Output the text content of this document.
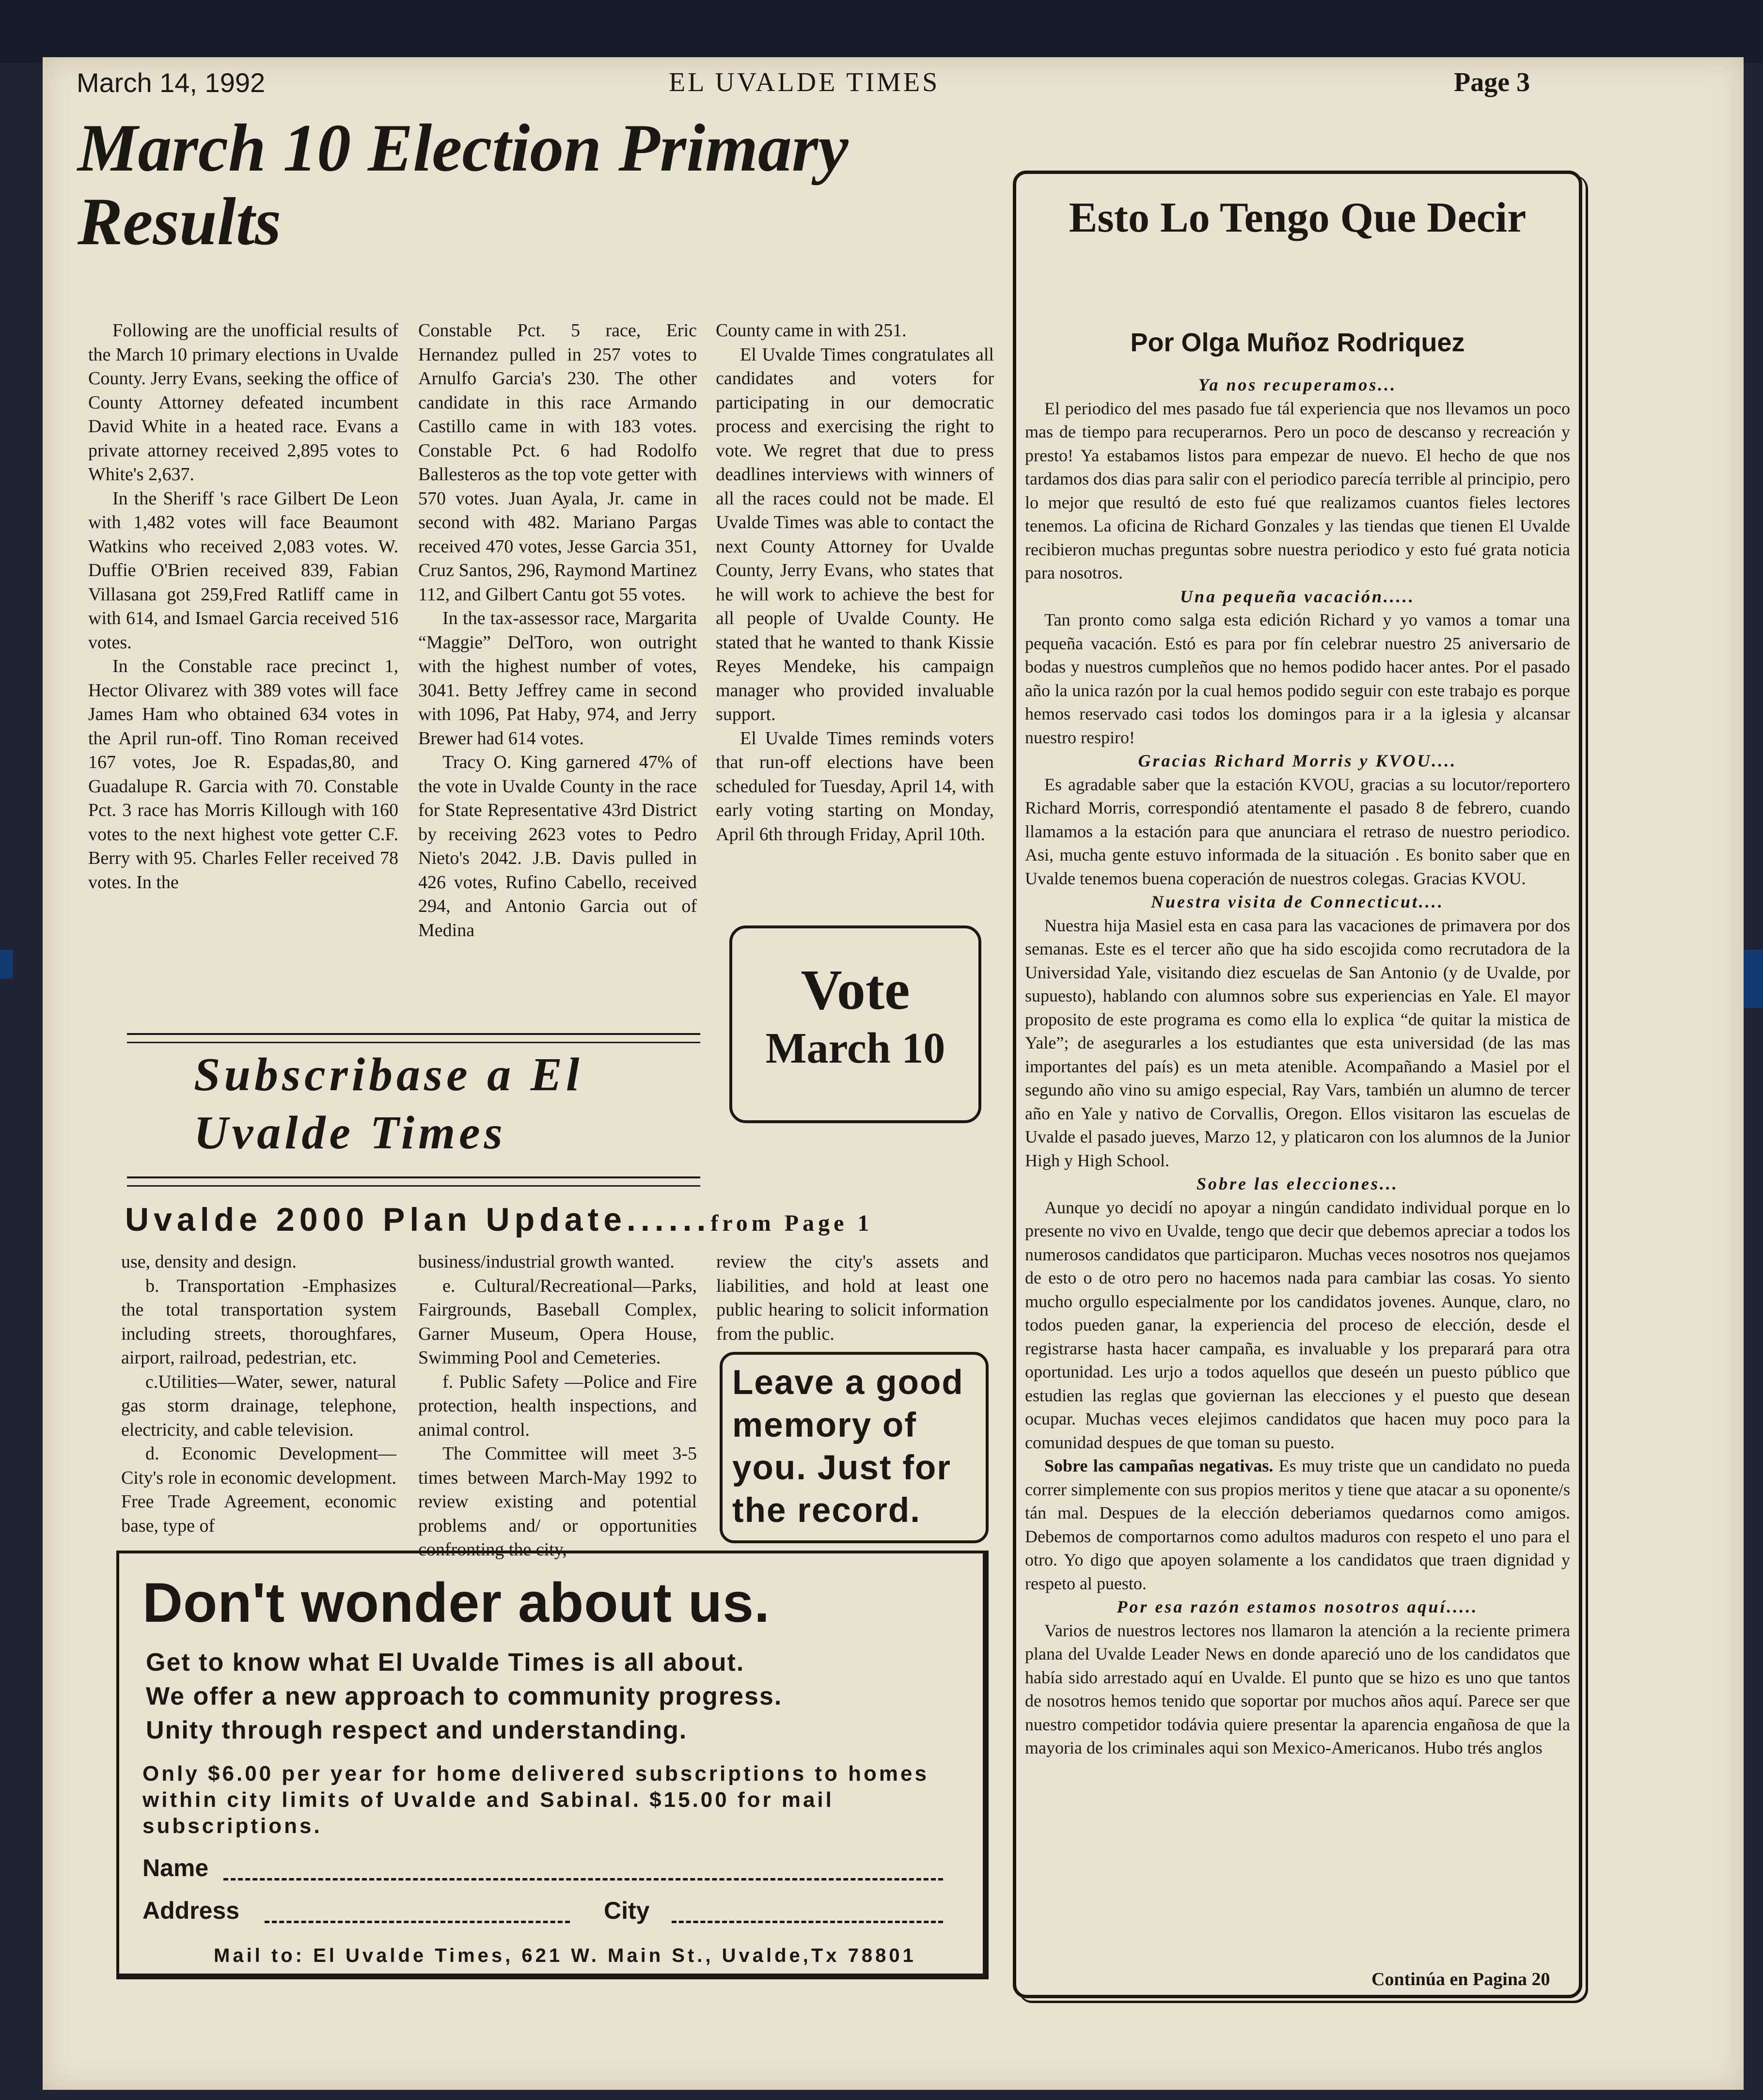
March 14, 1992	EL UVALDE TIMES	Page 3
March 10 Election Primary Results

Following are the unofficial results of the March 10 primary elections in Uvalde County. Jerry Evans, seeking the office of County Attorney defeated incumbent David White in a heated race. Evans a private attorney received 2,895 votes to White's 2,637.

In the Sheriff 's race Gilbert De Leon with 1,482 votes will face Beaumont Watkins who received 2,083 votes. W. Duffie O'Brien received 839, Fabian Villasana got 259,Fred Ratliff came in with 614, and Ismael Garcia received 516 votes.

In the Constable race precinct 1, Hector Olivarez with 389 votes will face James Ham who obtained 634 votes in the April run-off. Tino Roman received 167 votes, Joe R. Espadas,80, and Guadalupe R. Garcia with 70. Constable Pct. 3 race has Morris Killough with 160 votes to the next highest vote getter C.F. Berry with 95. Charles Feller received 78 votes. In the

Constable Pct. 5 race, Eric Hernandez pulled in 257 votes to Arnulfo Garcia's 230. The other candidate in this race Armando Castillo came in with 183 votes. Constable Pct. 6 had Rodolfo Ballesteros as the top vote getter with 570 votes. Juan Ayala, Jr. came in second with 482. Mariano Pargas received 470 votes, Jesse Garcia 351, Cruz Santos, 296, Raymond Martinez 112, and Gilbert Cantu got 55 votes.

In the tax-assessor race, Margarita “Maggie” DelToro, won outright with the highest number of votes, 3041. Betty Jeffrey came in second with 1096, Pat Haby, 974, and Jerry Brewer had 614 votes.

Tracy O. King garnered 47% of the vote in Uvalde County in the race for State Representative 43rd District by receiving 2623 votes to Pedro Nieto's 2042. J.B. Davis pulled in 426 votes, Rufino Cabello, received 294, and Antonio Garcia out of Medina

County came in with 251.

El Uvalde Times congratulates all candidates and voters for participating in our democratic process and exercising the right to vote. We regret that due to press deadlines interviews with winners of all the races could not be made. El Uvalde Times was able to contact the next County Attorney for Uvalde County, Jerry Evans, who states that he will work to achieve the best for all people of Uvalde County. He stated that he wanted to thank Kissie Reyes Mendeke, his campaign manager who provided invaluable support.

El Uvalde Times reminds voters that run-off elections have been scheduled for Tuesday, April 14, with early voting starting on Monday, April 6th through Friday, April 10th.

Vote
March 10
Subscribase a El Uvalde Times
Uvalde 2000 Plan Update......from Page 1

use, density and design.

b. Transportation -Emphasizes the total transportation system including streets, thoroughfares, airport, railroad, pedestrian, etc.

c.Utilities—Water, sewer, natural gas storm drainage, telephone, electricity, and cable television.

d. Economic Development— City's role in economic development. Free Trade Agreement, economic base, type of

business/industrial growth wanted.

e. Cultural/Recreational—Parks, Fairgrounds, Baseball Complex, Garner Museum, Opera House, Swimming Pool and Cemeteries.

f. Public Safety —Police and Fire protection, health inspections, and animal control.

The Committee will meet 3-5 times between March-May 1992 to review existing and potential problems and/ or opportunities confronting the city,

review the city's assets and liabilities, and hold at least one public hearing to solicit information from the public.

Leave a good memory of you. Just for the record.
Don't wonder about us.
Get to know what El Uvalde Times is all about.
We offer a new approach to community progress.
Unity through respect and understanding.
Only $6.00 per year for home delivered subscriptions to homes within city limits of Uvalde and Sabinal. $15.00 for mail subscriptions.
Name
Address	City
Mail to: El Uvalde Times, 621 W. Main St., Uvalde,Tx 78801
Esto Lo Tengo Que Decir
Por Olga Muñoz Rodriquez

Ya nos recuperamos...

El periodico del mes pasado fue tál experiencia que nos llevamos un poco mas de tiempo para recuperarnos. Pero un poco de descanso y recreación y presto! Ya estabamos listos para empezar de nuevo. El hecho de que nos tardamos dos dias para salir con el periodico parecía terrible al principio, pero lo mejor que resultó de esto fué que realizamos cuantos fieles lectores tenemos. La oficina de Richard Gonzales y las tiendas que tienen El Uvalde recibieron muchas preguntas sobre nuestra periodico y esto fué grata noticia para nosotros.

Una pequeña vacación.....

Tan pronto como salga esta edición Richard y yo vamos a tomar una pequeña vacación. Estó es para por fín celebrar nuestro 25 aniversario de bodas y nuestros cumpleños que no hemos podido hacer antes. Por el pasado año la unica razón por la cual hemos podido seguir con este trabajo es porque hemos reservado casi todos los domingos para ir a la iglesia y alcansar nuestro respiro!

Gracias Richard Morris y KVOU....

Es agradable saber que la estación KVOU, gracias a su locutor/reportero Richard Morris, correspondió atentamente el pasado 8 de febrero, cuando llamamos a la estación para que anunciara el retraso de nuestro periodico. Asi, mucha gente estuvo informada de la situación . Es bonito saber que en Uvalde tenemos buena coperación de nuestros colegas. Gracias KVOU.

Nuestra visita de Connecticut....

Nuestra hija Masiel esta en casa para las vacaciones de primavera por dos semanas. Este es el tercer año que ha sido escojida como recrutadora de la Universidad Yale, visitando diez escuelas de San Antonio (y de Uvalde, por supuesto), hablando con alumnos sobre sus experiencias en Yale. El mayor proposito de este programa es como ella lo explica “de quitar la mistica de Yale”; de asegurarles a los estudiantes que esta universidad (de las mas importantes del país) es un meta atenible. Acompañando a Masiel por el segundo año vino su amigo especial, Ray Vars, también un alumno de tercer año en Yale y nativo de Corvallis, Oregon. Ellos visitaron las escuelas de Uvalde el pasado jueves, Marzo 12, y platicaron con los alumnos de la Junior High y High School.

Sobre las elecciones...

Aunque yo decidí no apoyar a ningún candidato individual porque en lo presente no vivo en Uvalde, tengo que decir que debemos apreciar a todos los numerosos candidatos que participaron. Muchas veces nosotros nos quejamos de esto o de otro pero no hacemos nada para cambiar las cosas. Yo siento mucho orgullo especialmente por los candidatos jovenes. Aunque, claro, no todos pueden ganar, la experiencia del proceso de elección, desde el registrarse hasta hacer campaña, es invaluable y los preparará para otra oportunidad. Les urjo a todos aquellos que deseén un puesto público que estudien las reglas que goviernan las elecciones y el puesto que desean ocupar. Muchas veces elejimos candidatos que hacen muy poco para la comunidad despues de que toman su puesto.

Sobre las campañas negativas. Es muy triste que un candidato no pueda correr simplemente con sus propios meritos y tiene que atacar a su oponente/s tán mal. Despues de la elección deberiamos quedarnos como amigos. Debemos de comportarnos como adultos maduros con respeto el uno para el otro. Yo digo que apoyen solamente a los candidatos que traen dignidad y respeto al puesto.

Por esa razón estamos nosotros aquí.....

Varios de nuestros lectores nos llamaron la atención a la reciente primera plana del Uvalde Leader News en donde apareció uno de los candidatos que había sido arrestado aquí en Uvalde. El punto que se hizo es uno que tantos de nosotros hemos tenido que soportar por muchos años aquí. Parece ser que nuestro competidor todávia quiere presentar la aparencia engañosa de que la mayoria de los criminales aqui son Mexico-Americanos. Hubo trés anglos

Continúa en Pagina 20
